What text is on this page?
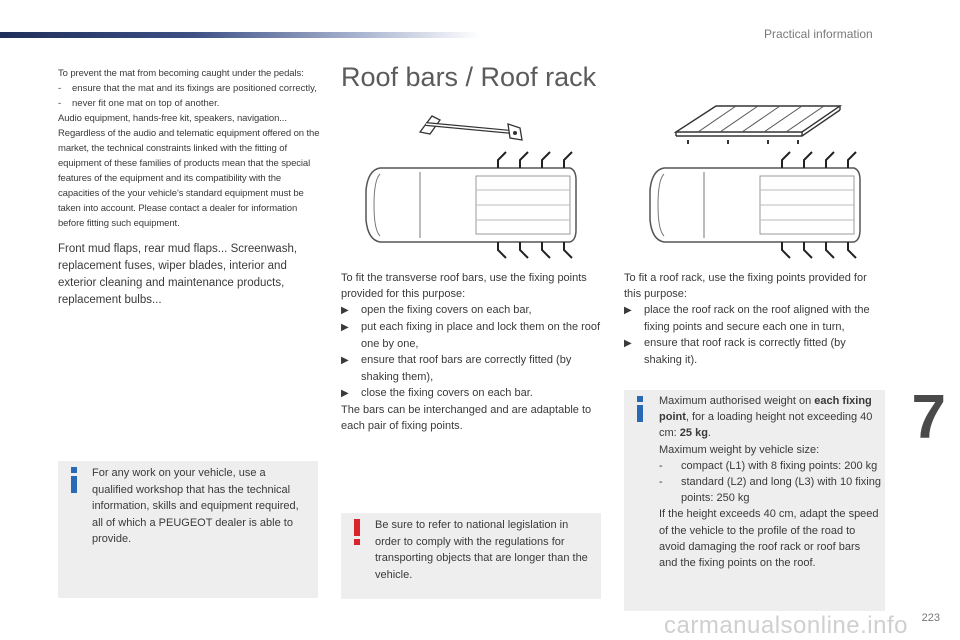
Practical information
7
223

To prevent the mat from becoming caught under the pedals:

- ensure that the mat and its fixings are positioned correctly,
- never fit one mat on top of another.

Audio equipment, hands-free kit, speakers, navigation... Regardless of the audio and telematic equipment offered on the market, the technical constraints linked with the fitting of equipment of these families of products mean that the special features of the equipment and its compatibility with the capacities of the your vehicle's standard equipment must be taken into account. Please contact a dealer for information before fitting such equipment.

Front mud flaps, rear mud flaps... Screenwash, replacement fuses, wiper blades, interior and exterior cleaning and maintenance products, replacement bulbs...

For any work on your vehicle, use a qualified workshop that has the technical information, skills and equipment required, all of which a PEUGEOT dealer is able to provide.
Roof bars / Roof rack

To fit the transverse roof bars, use the fixing points provided for this purpose:

▶ open the fixing covers on each bar,
▶ put each fixing in place and lock them on the roof one by one,
▶ ensure that roof bars are correctly fitted (by shaking them),
▶ close the fixing covers on each bar.

The bars can be interchanged and are adaptable to each pair of fixing points.

Be sure to refer to national legislation in order to comply with the regulations for transporting objects that are longer than the vehicle.

To fit a roof rack, use the fixing points provided for this purpose:

▶ place the roof rack on the roof aligned with the fixing points and secure each one in turn,
▶ ensure that roof rack is correctly fitted (by shaking it).

Maximum authorised weight on each fixing point, for a loading height not exceeding 40 cm: 25 kg.

Maximum weight by vehicle size:

- compact (L1) with 8 fixing points: 200 kg
- standard (L2) and long (L3) with 10 fixing points: 250 kg

If the height exceeds 40 cm, adapt the speed of the vehicle to the profile of the road to avoid damaging the roof rack or roof bars and the fixing points on the roof.

carmanualsonline.info
